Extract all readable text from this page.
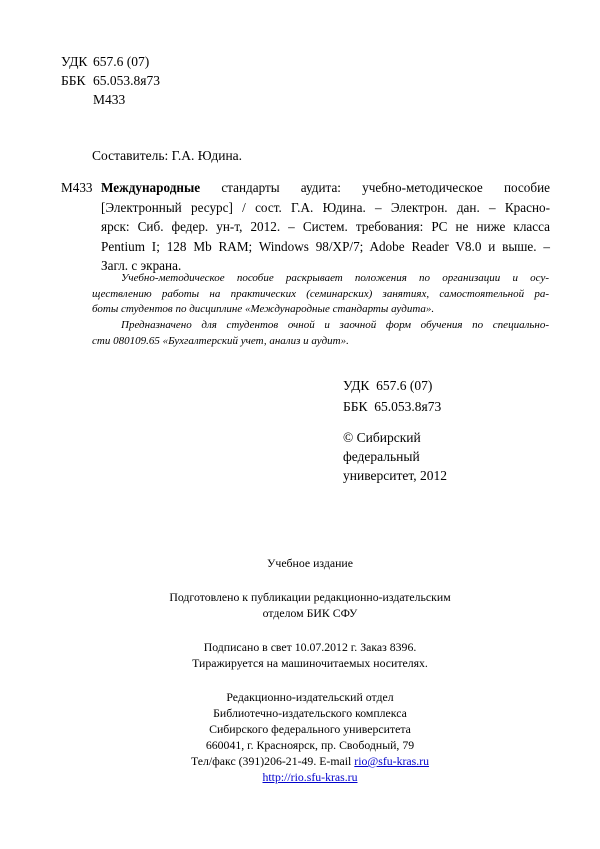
УДК 657.6 (07)
ББК 65.053.8я73
М433
Составитель: Г.А. Юдина.
М433 Международные стандарты аудита: учебно-методическое пособие
[Электронный ресурс] / сост. Г.А. Юдина. – Электрон. дан. – Красно-
ярск: Сиб. федер. ун-т, 2012. – Систем. требования: PC не ниже класса
Pentium I; 128 Mb RAM; Windows 98/XP/7; Adobe Reader V8.0 и выше. –
Загл. с экрана.
Учебно-методическое пособие раскрывает положения по организации и осу-
ществлению работы на практических (семинарских) занятиях, самостоятельной ра-
боты студентов по дисциплине «Международные стандарты аудита».
Предназначено для студентов очной и заочной форм обучения по специально-
сти 080109.65 «Бухгалтерский учет, анализ и аудит».
УДК 657.6 (07)
ББК 65.053.8я73
© Сибирский
федеральный
университет, 2012
Учебное издание
Подготовлено к публикации редакционно-издательским
отделом БИК СФУ
Подписано в свет 10.07.2012 г. Заказ 8396.
Тиражируется на машиночитаемых носителях.
Редакционно-издательский отдел
Библиотечно-издательского комплекса
Сибирского федерального университета
660041, г. Красноярск, пр. Свободный, 79
Тел/факс (391)206-21-49. E-mail rio@sfu-kras.ru
http://rio.sfu-kras.ru
